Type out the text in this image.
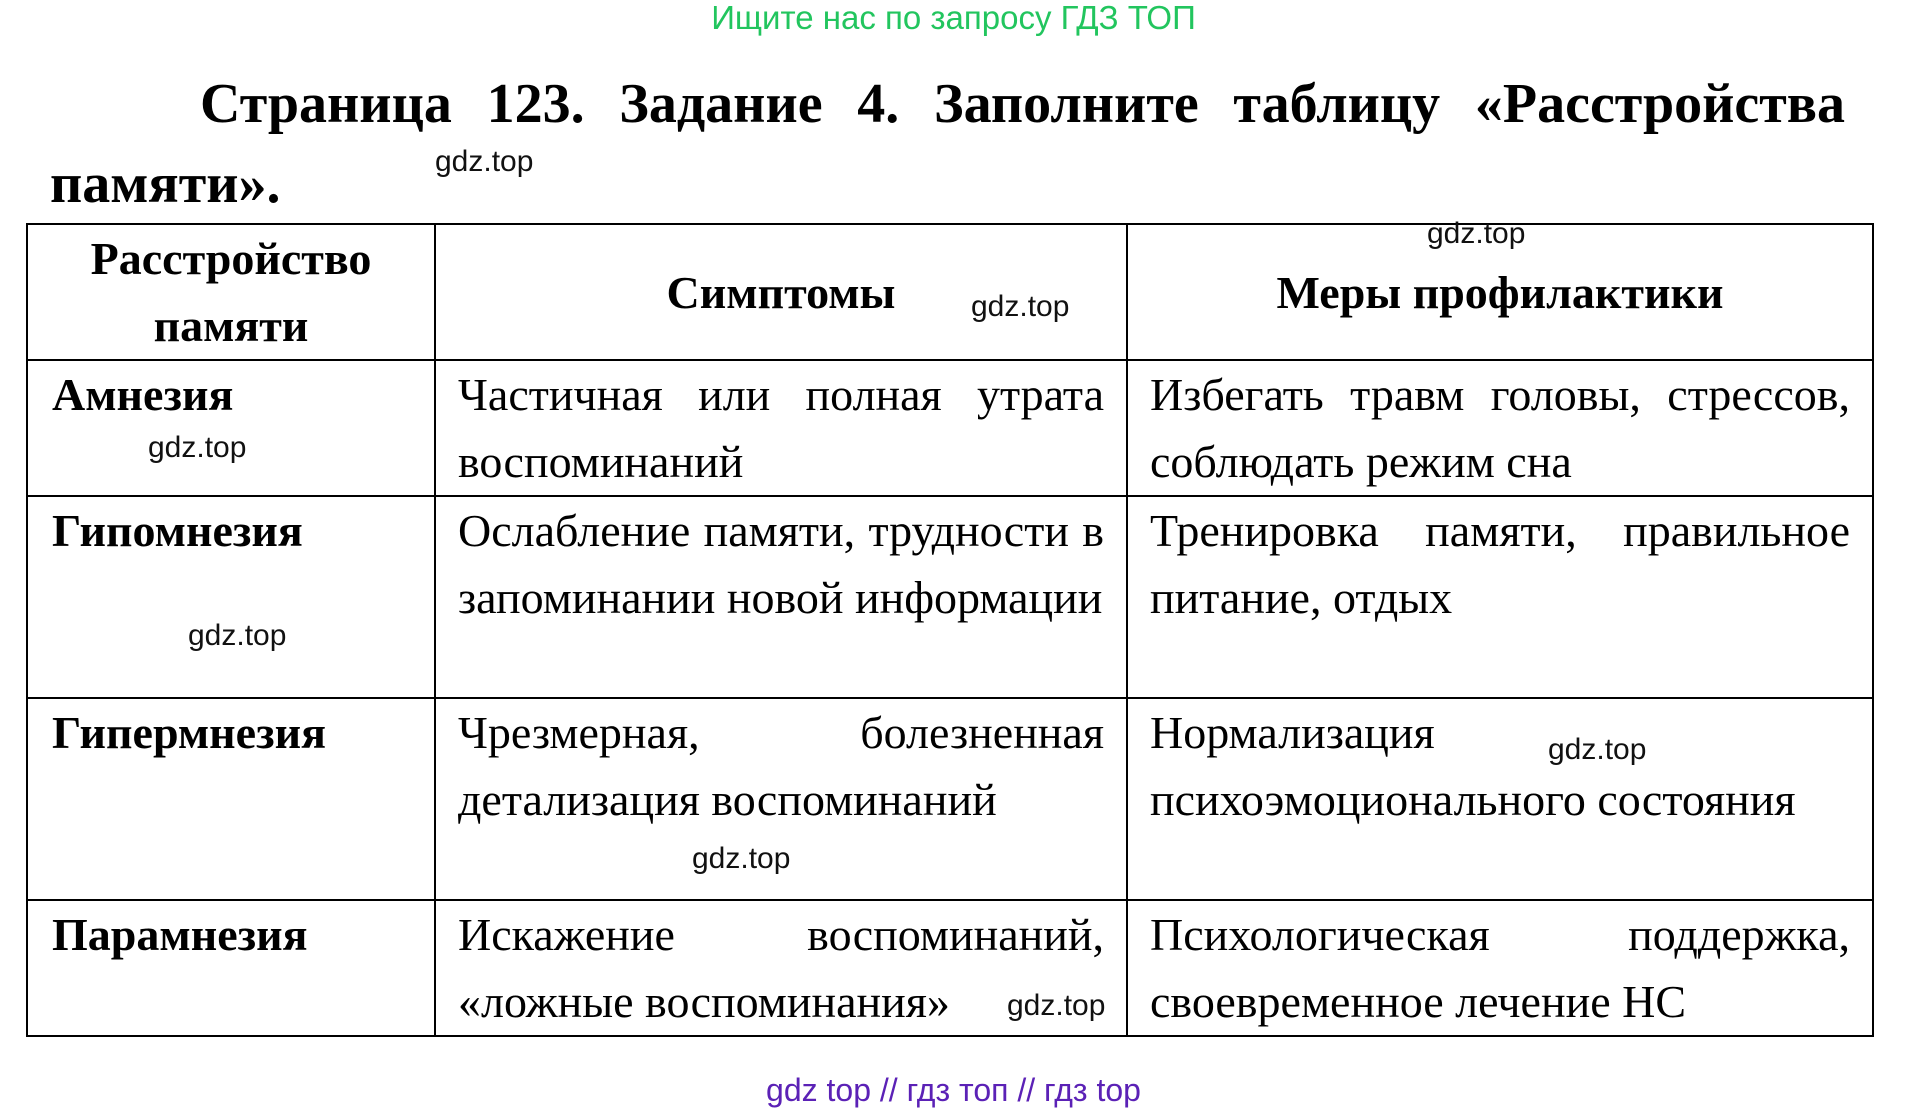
Ищите нас по запросу ГДЗ ТОП
Страница 123. Задание 4. Заполните таблицу «Расстройства
памяти».
Расстройство памяти	Симптомы	Меры профилактики
Амнезия	Частичная или полная утрата воспоминаний	Избегать травм головы, стрессов, соблюдать режим сна
Гипомнезия	Ослабление памяти, трудности в запоминании новой информации	Тренировка памяти, правильное питание, отдых
Гипермнезия	Чрезмерная, болезненная детализация воспоминаний	Нормализация психоэмоционального состояния
Парамнезия	Искажение воспоминаний, «ложные воспоминания»	Психологическая поддержка, своевременное лечение НС
gdz.top
gdz.top
gdz.top
gdz.top
gdz.top
gdz.top
gdz.top
gdz.top
gdz top // гдз топ // гдз top
